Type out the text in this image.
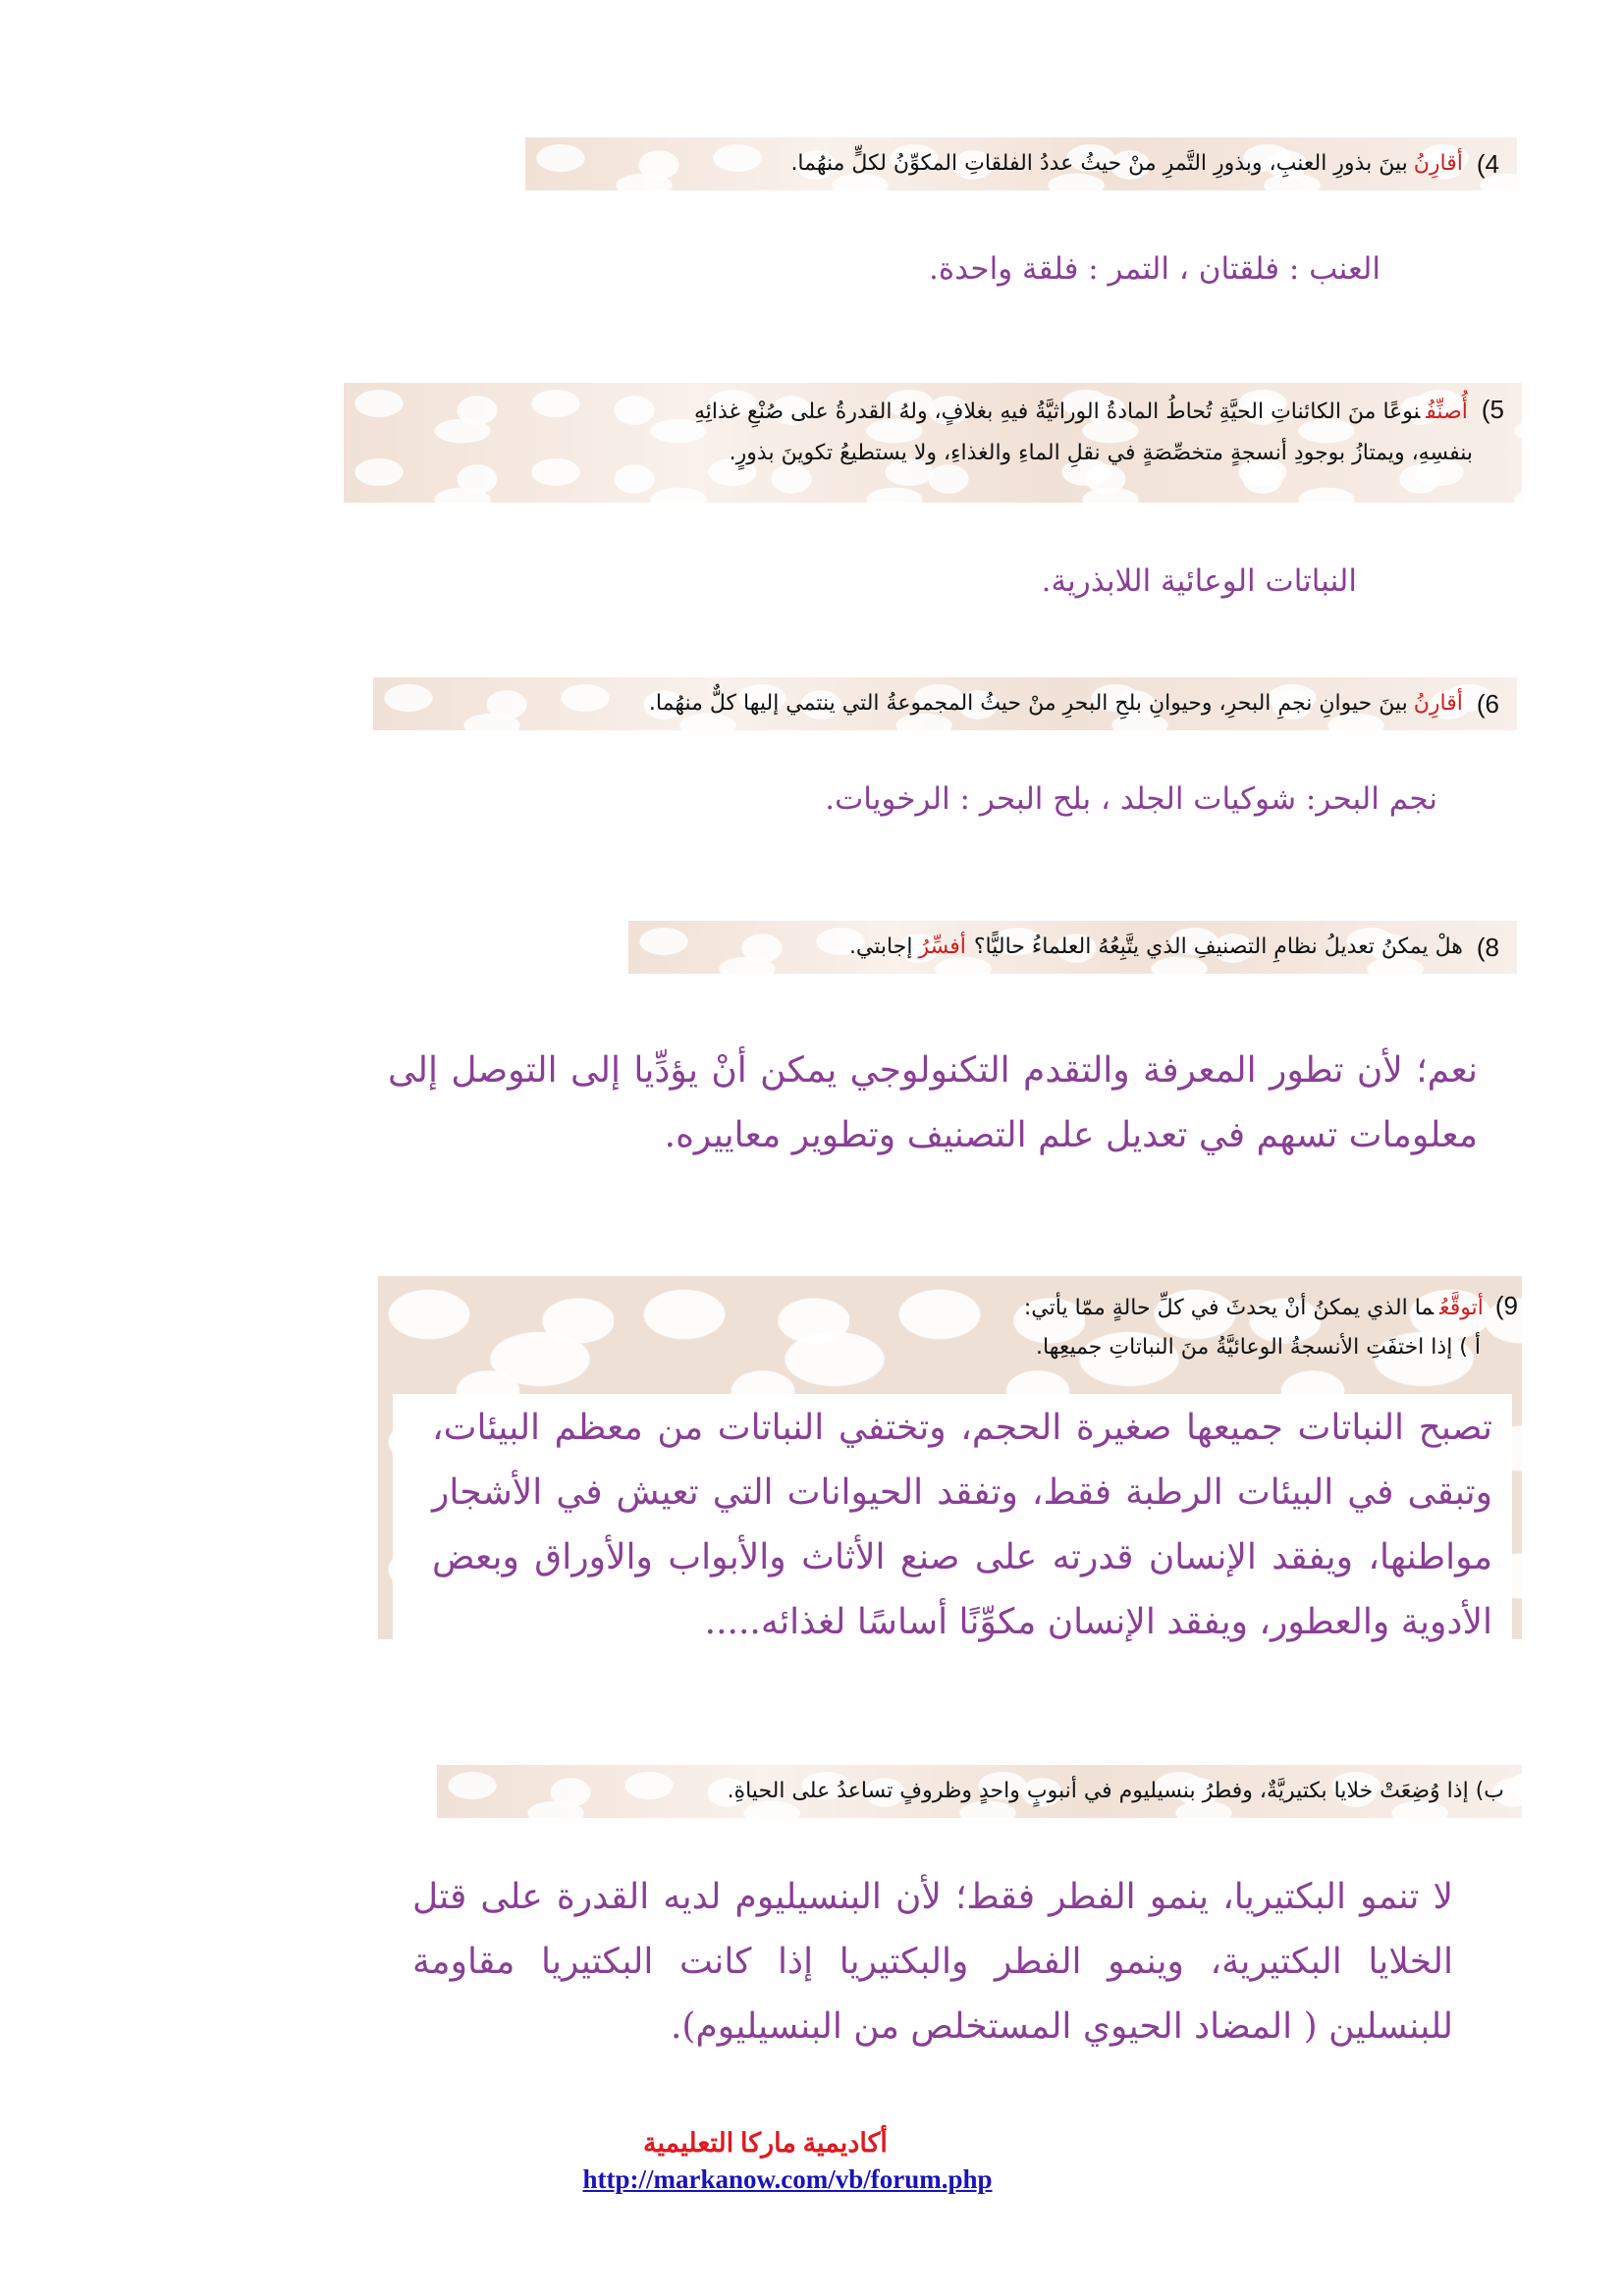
4)
أقارِنُ
بينَ بذورِ العنبِ، وبذورِ التَّمرِ منْ حيثُ عددُ الفلقاتِ المكوِّنُ لكلٍّ منهُما.
العنب : فلقتان ، التمر : فلقة واحدة.
5)أُصنِّفُنوعًا منَ الكائناتِ الحيَّةِ تُحاطُ المادةُ الوراثيَّةُ فيهِ بغلافٍ، ولهُ القدرةُ على صُنْعِ غذائِهِ
بنفسِهِ، ويمتازُ بوجودِ أنسجةٍ متخصِّصَةٍ في نقلِ الماءِ والغذاءِ، ولا يستطيعُ تكوينَ بذورٍ.
النباتات الوعائية اللابذرية.
6)
أقارِنُ
بينَ حيوانِ نجمِ البحرِ، وحيوانِ بلحِ البحرِ منْ حيثُ المجموعةُ التي ينتمي إليها كلٌّ منهُما.
نجم البحر: شوكيات الجلد ، بلح البحر : الرخويات.
8)
هلْ يمكنُ تعديلُ نظامِ التصنيفِ الذي يتَّبِعُهُ العلماءُ حاليًّا؟
أفسِّرُ
إجابتي.
نعم؛ لأن تطور المعرفة والتقدم التكنولوجي يمكن أنْ يؤدِّيا إلى التوصل إلى معلومات تسهم في تعديل علم التصنيف وتطوير معاييره.
9)أتوقَّعُما الذي يمكنُ أنْ يحدثَ في كلِّ حالةٍ ممّا يأتي:
أ ) إذا اختفَتِ الأنسجةُ الوعائيَّةُ منَ النباتاتِ جميعِها.
تصبح النباتات جميعها صغيرة الحجم، وتختفي النباتات من معظم البيئات، وتبقى في البيئات الرطبة فقط، وتفقد الحيوانات التي تعيش في الأشجار مواطنها، ويفقد الإنسان قدرته على صنع الأثاث والأبواب والأوراق وبعض الأدوية والعطور، ويفقد الإنسان مكوِّنًا أساسًا لغذائه.....
ب) إذا وُضِعَتْ خلايا بكتيريَّةٌ، وفطرُ بنسيليوم في أنبوبٍ واحدٍ وظروفٍ تساعدُ على الحياةِ.
لا تنمو البكتيريا، ينمو الفطر فقط؛ لأن البنسيليوم لديه القدرة على قتل الخلايا البكتيرية، وينمو الفطر والبكتيريا إذا كانت البكتيريا مقاومة للبنسلين ( المضاد الحيوي المستخلص من البنسيليوم).
أكاديمية ماركا التعليمية
http://markanow.com/vb/forum.php
